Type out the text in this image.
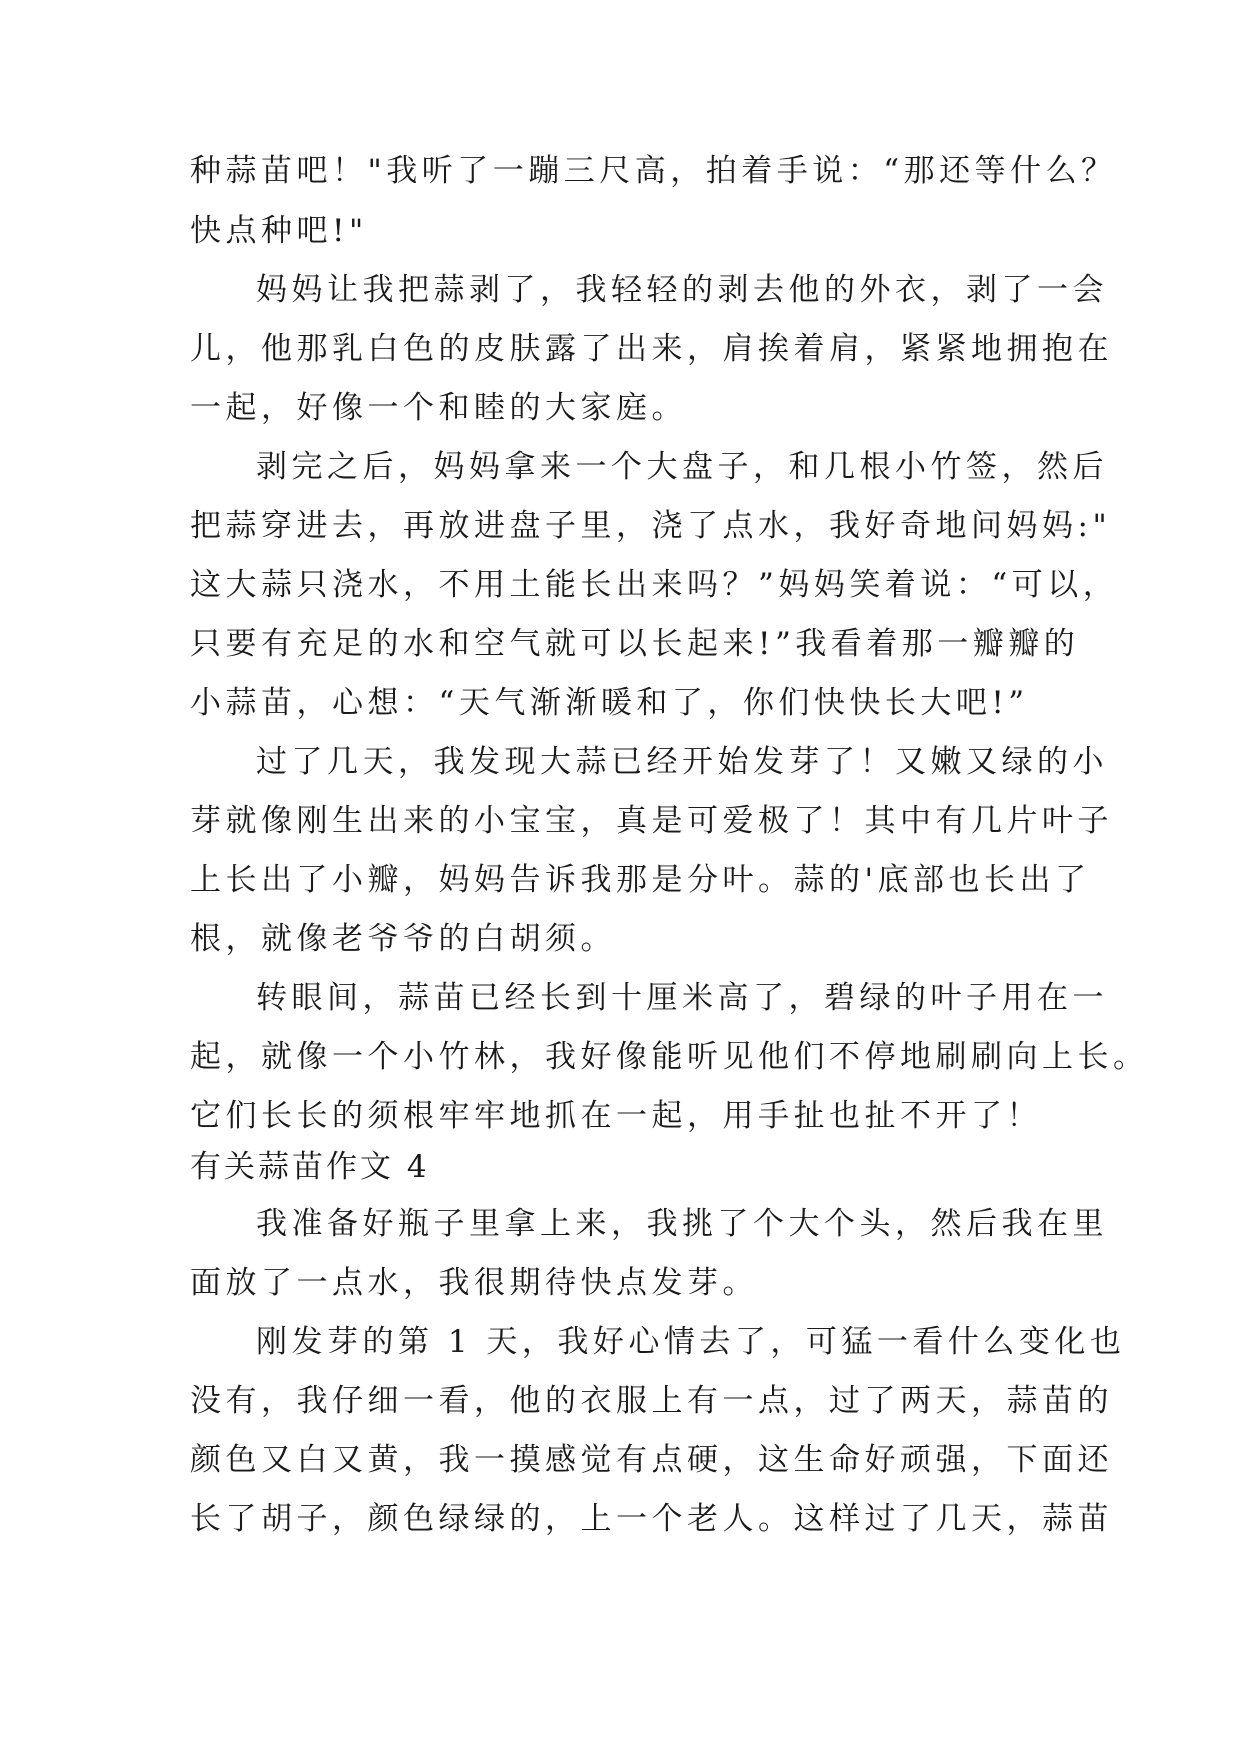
种蒜苗吧！"我听了一蹦三尺高，拍着手说：“那还等什么？
快点种吧!"
妈妈让我把蒜剥了，我轻轻的剥去他的外衣，剥了一会
儿，他那乳白色的皮肤露了出来，肩挨着肩，紧紧地拥抱在
一起，好像一个和睦的大家庭。
剥完之后，妈妈拿来一个大盘子，和几根小竹签，然后
把蒜穿进去，再放进盘子里，浇了点水，我好奇地问妈妈:"
这大蒜只浇水，不用土能长出来吗？”妈妈笑着说：“可以，
只要有充足的水和空气就可以长起来!”我看着那一瓣瓣的
小蒜苗，心想：“天气渐渐暖和了，你们快快长大吧!”
过了几天，我发现大蒜已经开始发芽了！又嫩又绿的小
芽就像刚生出来的小宝宝，真是可爱极了！其中有几片叶子
上长出了小瓣，妈妈告诉我那是分叶。蒜的'底部也长出了
根，就像老爷爷的白胡须。
转眼间，蒜苗已经长到十厘米高了，碧绿的叶子用在一
起，就像一个小竹林，我好像能听见他们不停地刷刷向上长。
它们长长的须根牢牢地抓在一起，用手扯也扯不开了！
有关蒜苗作文 4
我准备好瓶子里拿上来，我挑了个大个头，然后我在里
面放了一点水，我很期待快点发芽。
刚发芽的第 1 天，我好心情去了，可猛一看什么变化也
没有，我仔细一看，他的衣服上有一点，过了两天，蒜苗的
颜色又白又黄，我一摸感觉有点硬，这生命好顽强，下面还
长了胡子，颜色绿绿的，上一个老人。这样过了几天，蒜苗
